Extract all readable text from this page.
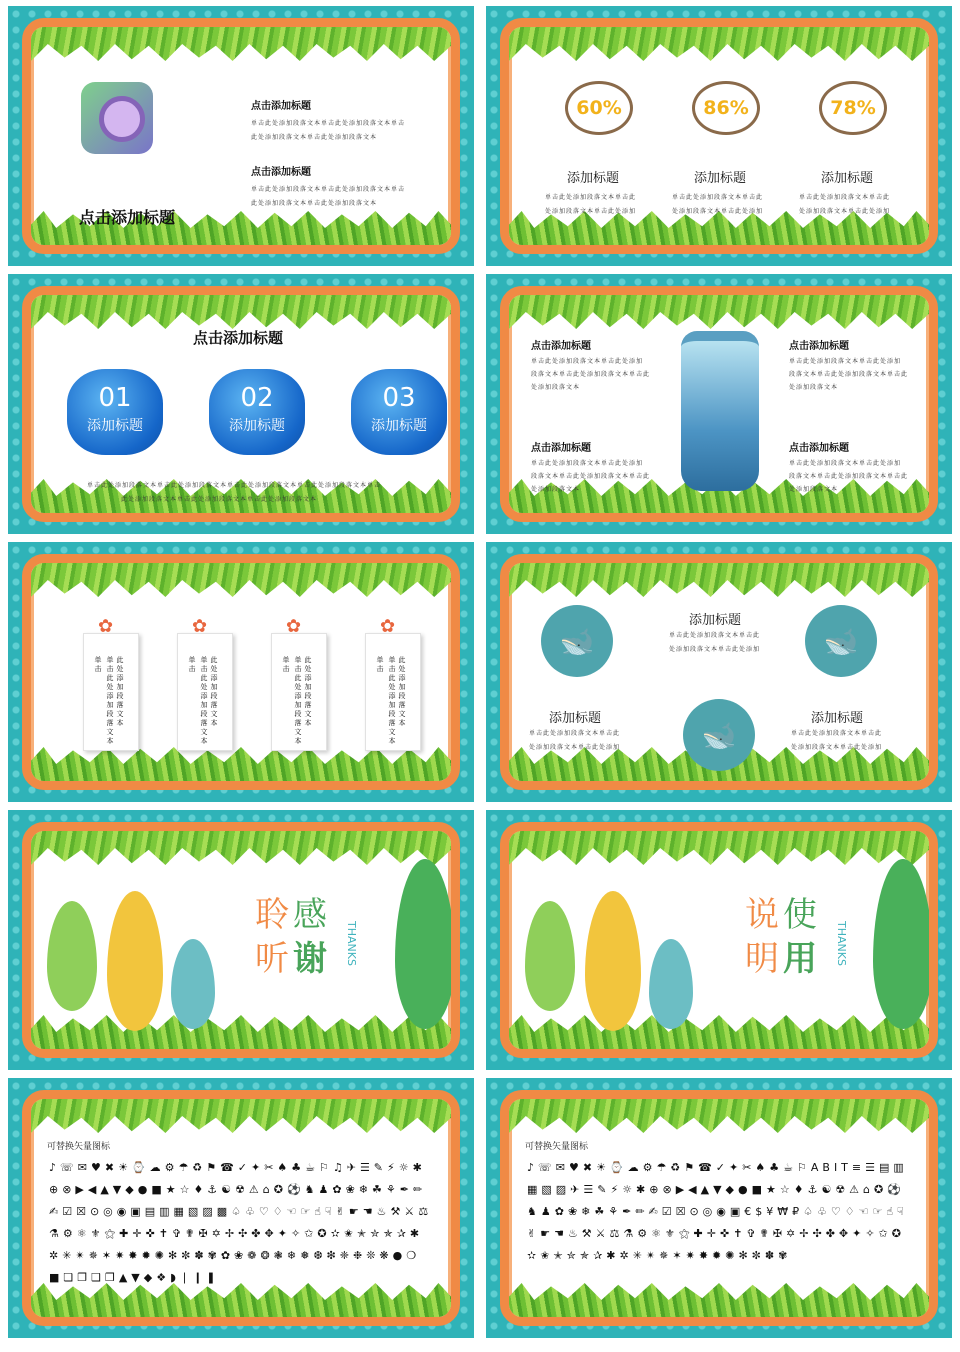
点击添加标题
点击添加标题
单击此处添加段落文本单击此处添加段落文本单击
此处添加段落文本单击此处添加段落文本
点击添加标题
单击此处添加段落文本单击此处添加段落文本单击
此处添加段落文本单击此处添加段落文本
60%	86%	78%
添加标题	添加标题	添加标题
单击此处添加段落文本单击此
处添加段落文本单击此处添加
单击此处添加段落文本单击此
处添加段落文本单击此处添加
单击此处添加段落文本单击此
处添加段落文本单击此处添加
点击添加标题
01
添加标题
02
添加标题
03
添加标题
单击此处添加段落文本单击此处添加段落文本单击此处添加段落文本单击此处添加段落文本单击
此处添加段落文本单击此处添加段落文本单击此处添加段落文本
点击添加标题
单击此处添加段落文本单击此处添加
段落文本单击此处添加段落文本单击此
处添加段落文本
点击添加标题
单击此处添加段落文本单击此处添加
段落文本单击此处添加段落文本单击此
处添加段落文本
点击添加标题
单击此处添加段落文本单击此处添加
段落文本单击此处添加段落文本单击此
处添加段落文本
点击添加标题
单击此处添加段落文本单击此处添加
段落文本单击此处添加段落文本单击此
处添加段落文本
✿
单击此处添加段落文本单击	此处添加段落文本
✿
单击此处添加段落文本单击	此处添加段落文本
✿
单击此处添加段落文本单击	此处添加段落文本
✿
单击此处添加段落文本单击	此处添加段落文本
🐋	🐋
🐋
添加标题
单击此处添加段落文本单击此
处添加段落文本单击此处添加
添加标题
单击此处添加段落文本单击此
处添加段落文本单击此处添加
添加标题
单击此处添加段落文本单击此
处添加段落文本单击此处添加
聆 感
听 谢 THANKS
说 使
明 用 THANKS
可替换矢量图标
♪☏✉♥✖☀⌚☁⚙☂♻⚑☎✓✦✂♠♣☕⚐♫✈☰✎⚡☼✱⊕⊗▶◀▲▼◆●■★☆♦⚓☯☢⚠⌂✪⚽♞♟✿❀❄☘⚘✒✏✍☑☒⊙◎◉▣▤▥▦▧▨▩♤♧♡♢☜☞☝☟✌☛☚♨⚒⚔⚖⚗⚙⚛⚜⚝✚✛✜✝✞✟✠✡✢✣✤✥✦✧✩✪✫✬✭✮✯✰✱✲✳✴✵✶✷✸✹✺✻✼✽✾✿❀❁❂❃❄❅❆❇❈❉❊❋●❍■❏❐❑❒▲▼◆❖◗❘❙❚
可替换矢量图标
♪☏✉♥✖☀⌚☁⚙☂♻⚑☎✓✦✂♠♣☕⚐ABIT≡☰▤▥▦▧▨✈☰✎⚡☼✱⊕⊗▶◀▲▼◆●■★☆♦⚓☯☢⚠⌂✪⚽♞♟✿❀❄☘⚘✒✏✍☑☒⊙◎◉▣€$¥₩₽♤♧♡♢☜☞☝☟✌☛☚♨⚒⚔⚖⚗⚙⚛⚜⚝✚✛✜✝✞✟✠✡✢✣✤✥✦✧✩✪✫✬✭✮✯✰✱✲✳✴✵✶✷✸✹✺✻✼✽✾
